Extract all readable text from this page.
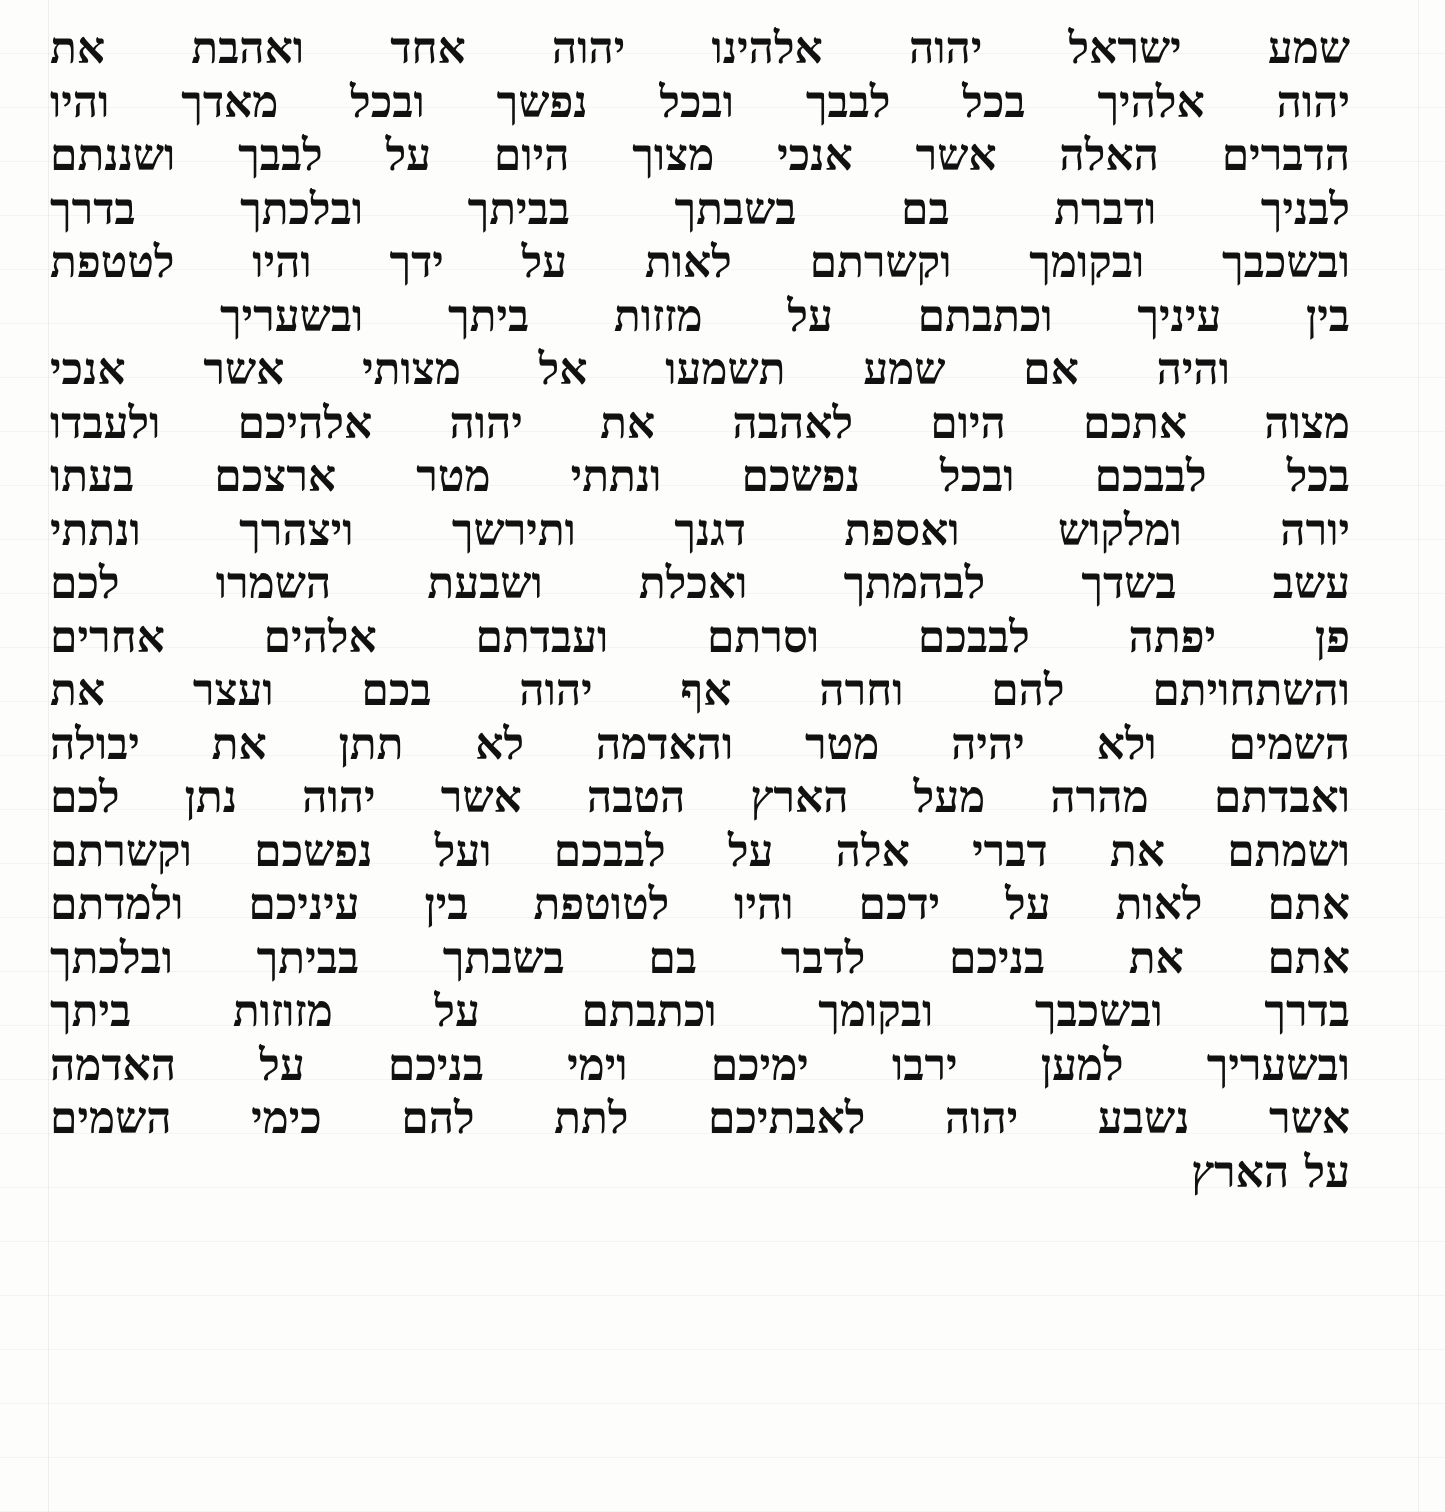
שמע ישראל יהוה אלהינו יהוה אחד ואהבת את
יהוה אלהיך בכל לבבך ובכל נפשך ובכל מאדך והיו
הדברים האלה אשר אנכי מצוך היום על לבבך ושננתם
לבניך ודברת בם בשבתך בביתך ובלכתך בדרך
ובשכבך ובקומך וקשרתם לאות על ידך והיו לטטפת
בין עיניך וכתבתם על מזזות ביתך ובשעריך
והיה אם שמע תשמעו אל מצותי אשר אנכי
מצוה אתכם היום לאהבה את יהוה אלהיכם ולעבדו
בכל לבבכם ובכל נפשכם ונתתי מטר ארצכם בעתו
יורה ומלקוש ואספת דגנך ותירשך ויצהרך ונתתי
עשב בשדך לבהמתך ואכלת ושבעת השמרו לכם
פן יפתה לבבכם וסרתם ועבדתם אלהים אחרים
והשתחויתם להם וחרה אף יהוה בכם ועצר את
השמים ולא יהיה מטר והאדמה לא תתן את יבולה
ואבדתם מהרה מעל הארץ הטבה אשר יהוה נתן לכם
ושמתם את דברי אלה על לבבכם ועל נפשכם וקשרתם
אתם לאות על ידכם והיו לטוטפת בין עיניכם ולמדתם
אתם את בניכם לדבר בם בשבתך בביתך ובלכתך
בדרך ובשכבך ובקומך וכתבתם על מזוזות ביתך
ובשעריך למען ירבו ימיכם וימי בניכם על האדמה
אשר נשבע יהוה לאבתיכם לתת להם כימי השמים
על הארץ
